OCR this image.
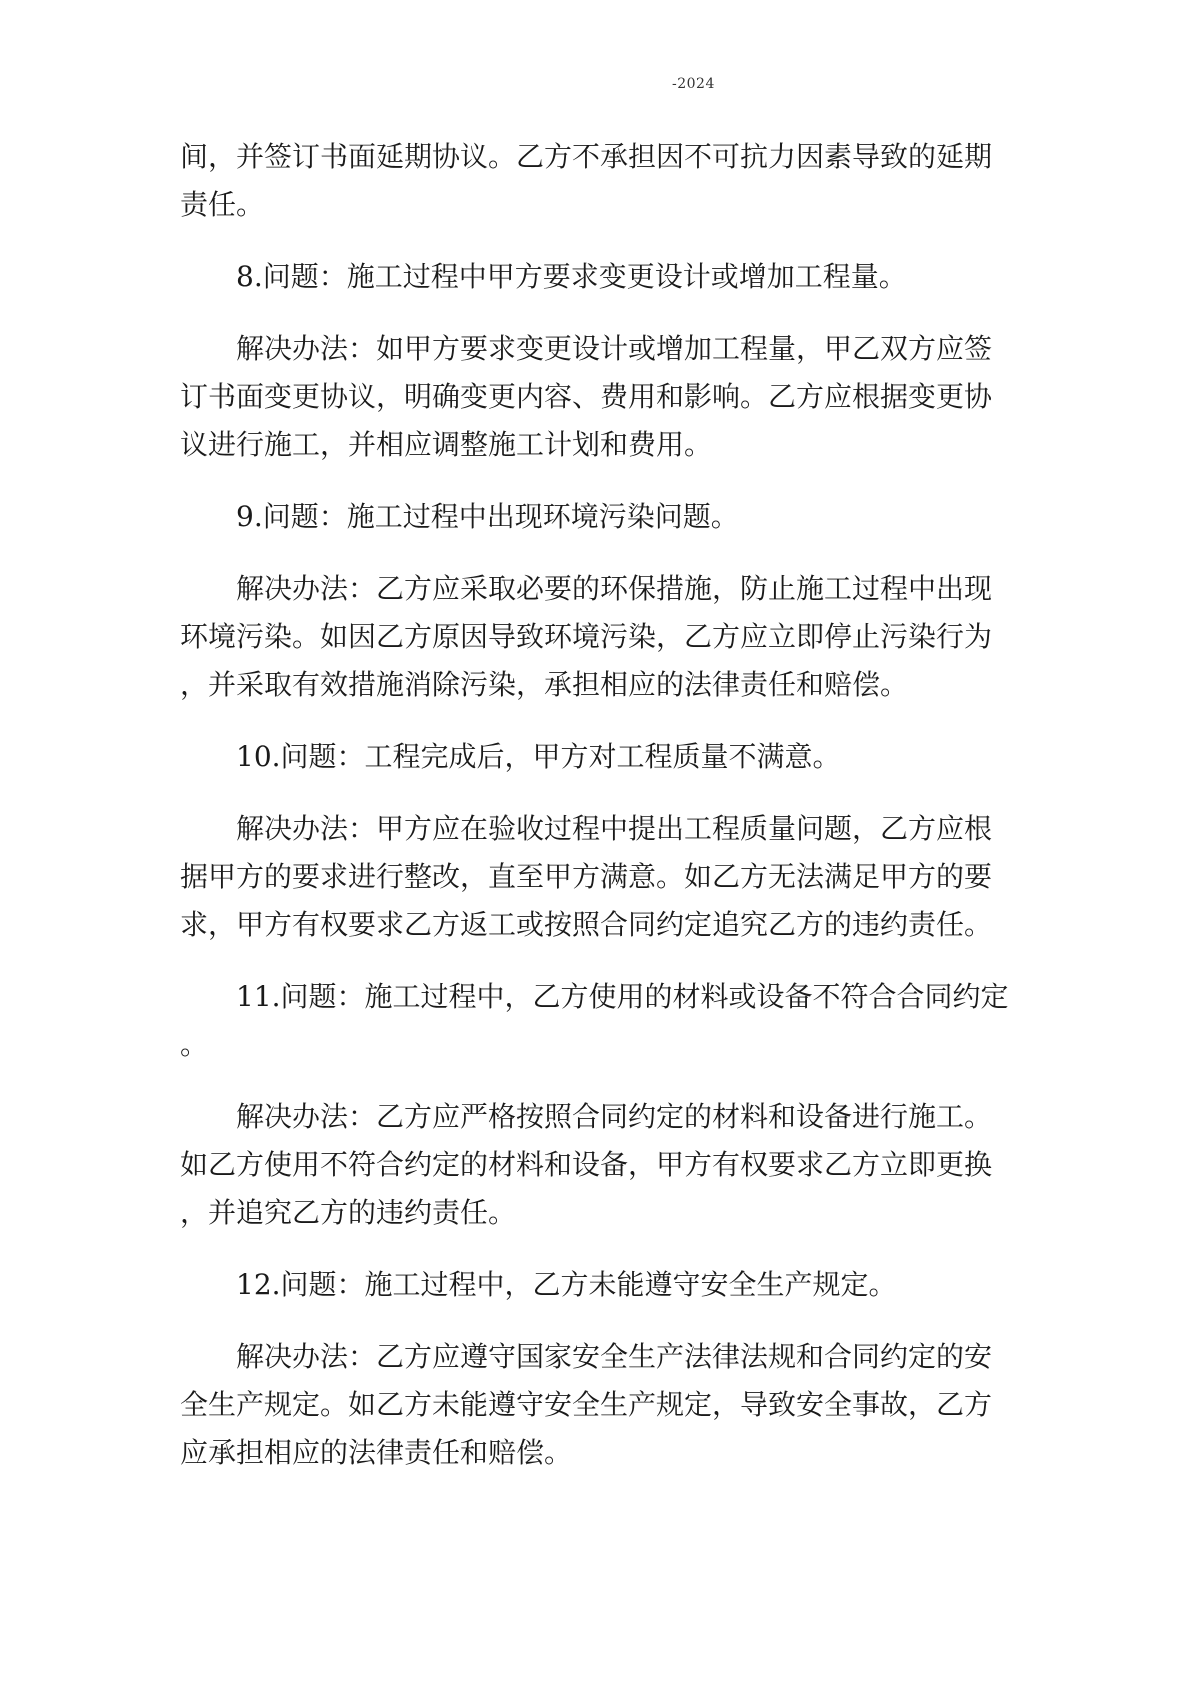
-2024
间，并签订书面延期协议。乙方不承担因不可抗力因素导致的延期
责任。
8.问题：施工过程中甲方要求变更设计或增加工程量。
解决办法：如甲方要求变更设计或增加工程量，甲乙双方应签
订书面变更协议，明确变更内容、费用和影响。乙方应根据变更协
议进行施工，并相应调整施工计划和费用。
9.问题：施工过程中出现环境污染问题。
解决办法：乙方应采取必要的环保措施，防止施工过程中出现
环境污染。如因乙方原因导致环境污染，乙方应立即停止污染行为
，并采取有效措施消除污染，承担相应的法律责任和赔偿。
10.问题：工程完成后，甲方对工程质量不满意。
解决办法：甲方应在验收过程中提出工程质量问题，乙方应根
据甲方的要求进行整改，直至甲方满意。如乙方无法满足甲方的要
求，甲方有权要求乙方返工或按照合同约定追究乙方的违约责任。
11.问题：施工过程中，乙方使用的材料或设备不符合合同约定
。
解决办法：乙方应严格按照合同约定的材料和设备进行施工。
如乙方使用不符合约定的材料和设备，甲方有权要求乙方立即更换
，并追究乙方的违约责任。
12.问题：施工过程中，乙方未能遵守安全生产规定。
解决办法：乙方应遵守国家安全生产法律法规和合同约定的安
全生产规定。如乙方未能遵守安全生产规定，导致安全事故，乙方
应承担相应的法律责任和赔偿。
